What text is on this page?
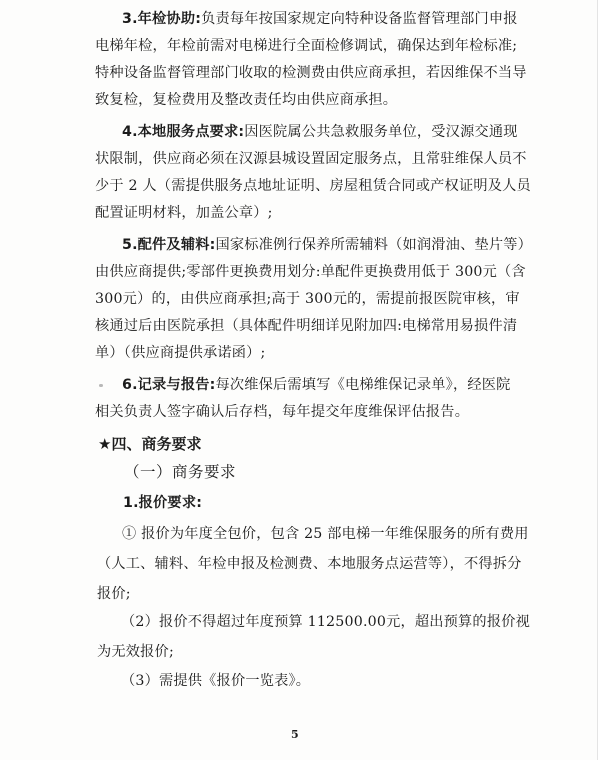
3.年检协助:负责每年按国家规定向特种设备监督管理部门申报
电梯年检，年检前需对电梯进行全面检修调试，确保达到年检标准;
特种设备监督管理部门收取的检测费由供应商承担，若因维保不当导
致复检，复检费用及整改责任均由供应商承担。
4.本地服务点要求:因医院属公共急救服务单位，受汉源交通现
状限制，供应商必须在汉源县城设置固定服务点，且常驻维保人员不
少于 2 人（需提供服务点地址证明、房屋租赁合同或产权证明及人员
配置证明材料，加盖公章）;
5.配件及辅料:国家标准例行保养所需辅料（如润滑油、垫片等）
由供应商提供;零部件更换费用划分:单配件更换费用低于 300元（含
300元）的，由供应商承担;高于 300元的，需提前报医院审核，审
核通过后由医院承担（具体配件明细详见附加四:电梯常用易损件清
单）（供应商提供承诺函）;
6.记录与报告:每次维保后需填写《电梯维保记录单》，经医院
相关负责人签字确认后存档，每年提交年度维保评估报告。
★四、商务要求
（一）商务要求
1.报价要求:
① 报价为年度全包价，包含 25 部电梯一年维保服务的所有费用
（人工、辅料、年检申报及检测费、本地服务点运营等），不得拆分
报价;
（2）报价不得超过年度预算 112500.00元，超出预算的报价视
为无效报价;
（3）需提供《报价一览表》。
5
